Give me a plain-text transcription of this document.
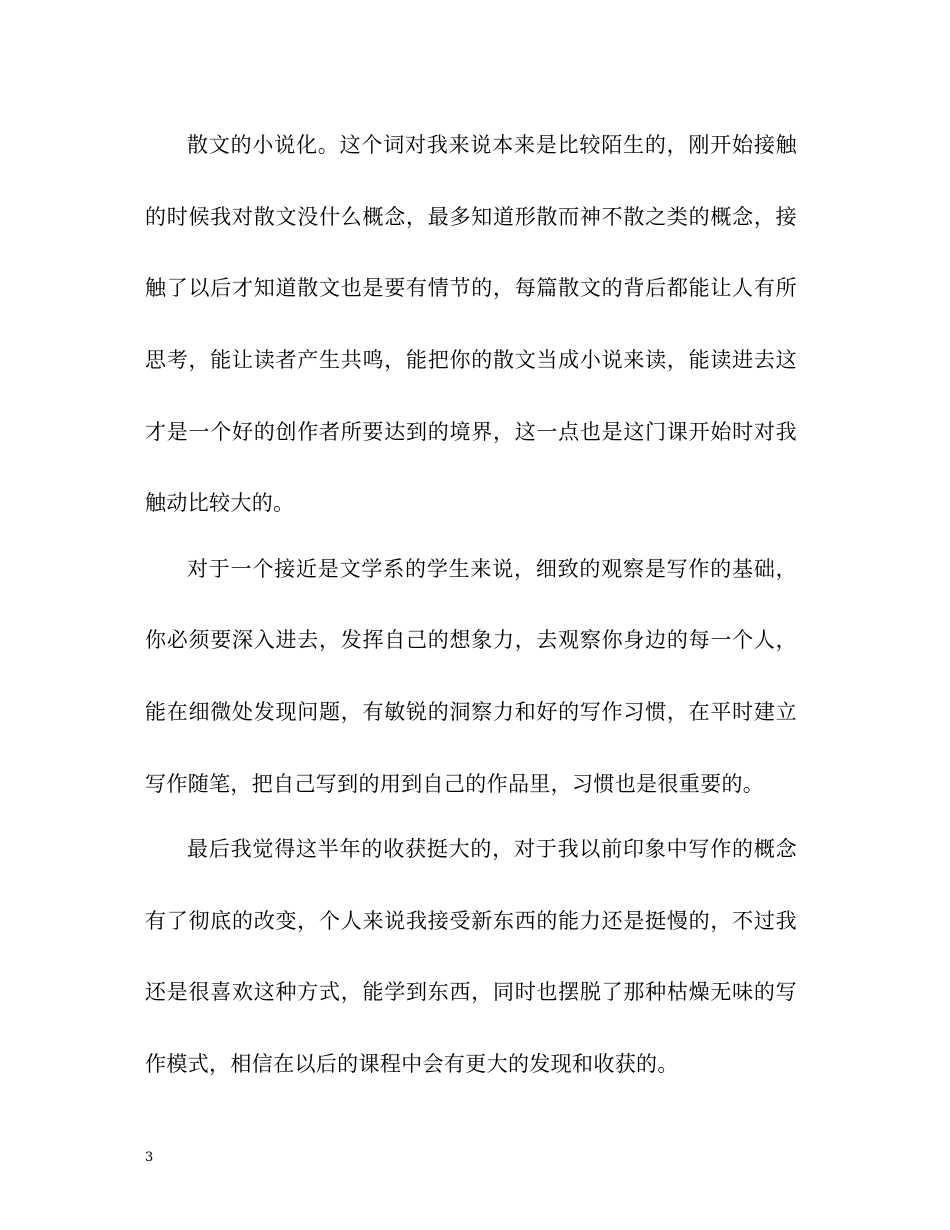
散文的小说化。这个词对我来说本来是比较陌生的，刚开始接触
的时候我对散文没什么概念，最多知道形散而神不散之类的概念，接
触了以后才知道散文也是要有情节的，每篇散文的背后都能让人有所
思考，能让读者产生共鸣，能把你的散文当成小说来读，能读进去这
才是一个好的创作者所要达到的境界，这一点也是这门课开始时对我
触动比较大的。
对于一个接近是文学系的学生来说，细致的观察是写作的基础，
你必须要深入进去，发挥自己的想象力，去观察你身边的每一个人，
能在细微处发现问题，有敏锐的洞察力和好的写作习惯，在平时建立
写作随笔，把自己写到的用到自己的作品里，习惯也是很重要的。
最后我觉得这半年的收获挺大的，对于我以前印象中写作的概念
有了彻底的改变，个人来说我接受新东西的能力还是挺慢的，不过我
还是很喜欢这种方式，能学到东西，同时也摆脱了那种枯燥无味的写
作模式，相信在以后的课程中会有更大的发现和收获的。
3
